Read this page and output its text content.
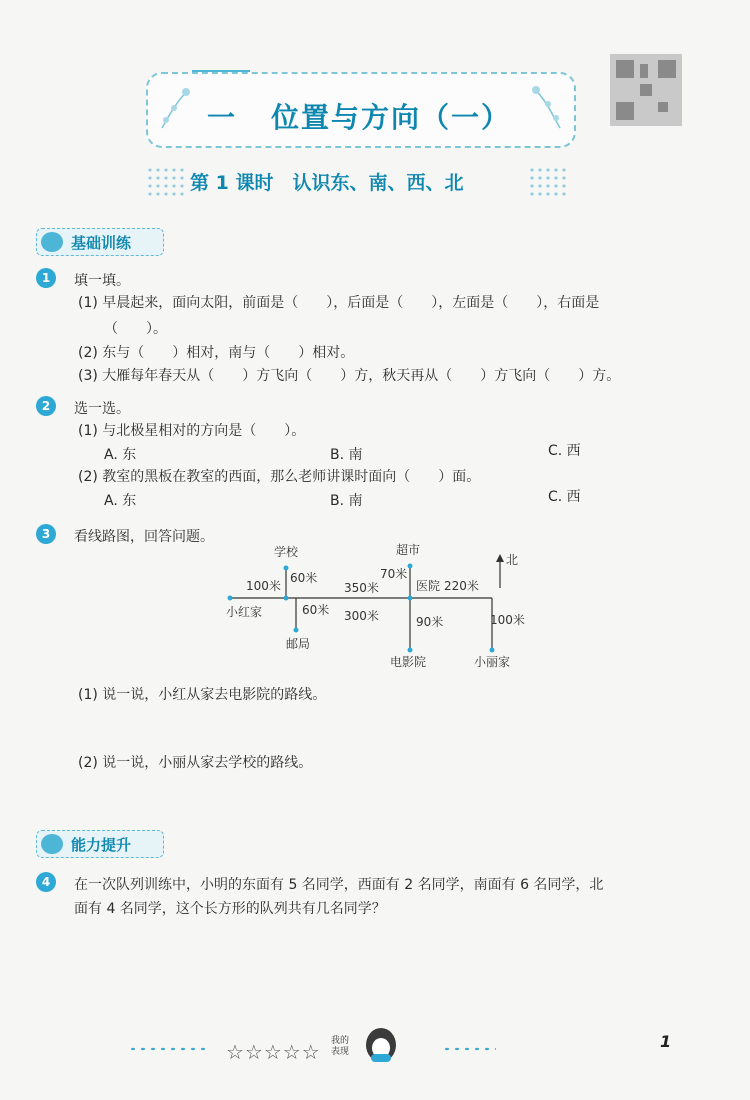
一 位置与方向（一）
第 1 课时　认识东、南、西、北
基础训练
1	填一填。
(1) 早晨起来，面向太阳，前面是（　　），后面是（　　），左面是（　　），右面是
（　　）。
(2) 东与（　　）相对，南与（　　）相对。
(3) 大雁每年春天从（　　）方飞向（　　）方，秋天再从（　　）方飞向（　　）方。
2	选一选。
(1) 与北极星相对的方向是（　　）。
A. 东	B. 南	C. 西
(2) 教室的黑板在教室的西面，那么老师讲课时面向（　　）面。
A. 东	B. 南	C. 西
3	看线路图，回答问题。
学校	超市
小红家
邮局
医院
电影院	小丽家
北
100米
60米
60米
350米
300米
70米
220米
90米	100米
(1) 说一说，小红从家去电影院的路线。
(2) 说一说，小丽从家去学校的路线。
能力提升
4	在一次队列训练中，小明的东面有 5 名同学，西面有 2 名同学，南面有 6 名同学，北
面有 4 名同学，这个长方形的队列共有几名同学？
☆☆☆☆☆ 我的
表现
1
